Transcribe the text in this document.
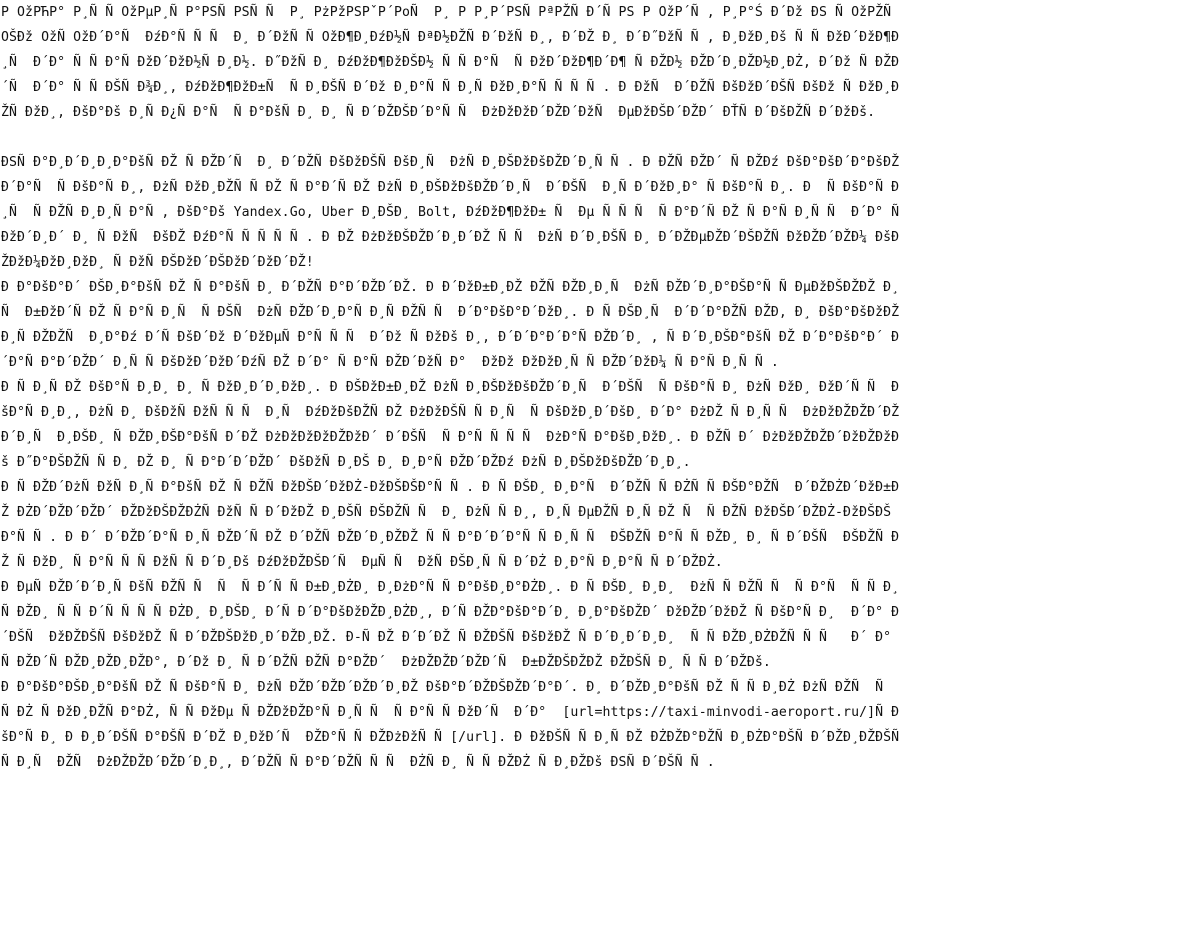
Р ОžРЋР° Р¸Ñ Ñ ОžРµР¸Ñ Р°РЅÑ РЅÑ Ñ  Р¸ РżРžРЅРˇР´РоÑ  Р¸ Р Р¸Р´РЅÑ РªРŽÑ Ð´Ñ РЅ Р ОžР´Ñ , Р¸Р°Ś Ð´Ðž ÐЅ Ñ ОžРŽÑ ОŠÐž ОžÑ ОžÐ´Ð°Ñ  ÐźÐ°Ñ Ñ Ñ  Ð¸ Ð´ÐžÑ Ñ ОžÐ¶Ð¸ÐźÐ½Ñ ÐªÐ½ÐŽÑ Ð´ÐžÑ Ð¸, Ð´ÐŽ Ð¸ Ð´Ð˝ÐžÑ Ñ , Ð¸ÐžÐ¸Ðš Ñ Ñ ÐžÐ´ÐžÐ¶Ð¸Ñ  Ð´Ð° Ñ Ñ Ð°Ñ ÐžÐ´ÐžÐ½Ñ Ð¸Ð½. Ð˝ÐžÑ Ð¸ ÐźÐžÐ¶ÐžÐŠÐ½ Ñ Ñ Ð°Ñ  Ñ ÐžÐ´ÐžÐ¶Ð´Ð¶ Ñ ÐŽÐ½ ÐŽÐ´Ð¸ÐŽÐ½Ð¸ÐŻ, Ð´Ðž Ñ ÐŽÐ´Ñ  Ð´Ð° Ñ Ñ ÐŠÑ Ð¾Ð¸, ÐźÐžÐ¶ÐžÐ±Ñ  Ñ Ð¸ÐŠÑ Ð´Ðž Ð¸Ð°Ñ Ñ Ð¸Ñ ÐžÐ¸Ð°Ñ Ñ Ñ Ñ . Ð ÐžÑ  Ð´ÐŽÑ ÐšÐžÐ´ÐŠÑ ÐšÐž Ñ ÐžÐ¸ÐŽÑ ÐžÐ¸, ÐšÐ°Ðš Ð¸Ñ Ð¿Ñ Ð°Ñ  Ñ Ð°ÐšÑ Ð¸ Ð¸ Ñ Ð´ÐŽÐŠÐ´Ð°Ñ Ñ  ÐżÐžÐžÐ´ÐŽÐ´ÐžÑ  ÐµÐžÐŠÐ´ÐŽÐ´ ÐŤÑ Ð´ÐšÐŽÑ Ð´ÐžÐš.

ÐЅÑ Ð°Ð¸Ð´Ð¸Ð¸Ð°ÐšÑ ÐŽ Ñ ÐŽÐ´Ñ  Ð¸ Ð´ÐŽÑ ÐšÐžÐŠÑ ÐšÐ¸Ñ  ÐżÑ Ð¸ÐŠÐžÐšÐŽÐ´Ð¸Ñ Ñ . Ð ÐŽÑ ÐŽÐ´ Ñ ÐŽÐź ÐšÐ°ÐšÐ´Ð°ÐšÐŽÐ´Ð°Ñ  Ñ ÐšÐ°Ñ Ð¸, ÐżÑ ÐžÐ¸ÐŽÑ Ñ ÐŽ Ñ Ð°Ð´Ñ ÐŽ ÐżÑ Ð¸ÐŠÐžÐšÐŽÐ´Ð¸Ñ  Ð´ÐŠÑ  Ð¸Ñ Ð´ÐžÐ¸Ð° Ñ ÐšÐ°Ñ Ð¸. Ð  Ñ ÐšÐ°Ñ Ð¸Ñ  Ñ ÐŽÑ Ð¸Ð¸Ñ Ð°Ñ , ÐšÐ°Ðš Yandex.Go, Uber Ð¸ÐŠÐ¸ Bolt, ÐźÐžÐ¶ÐžÐ± Ñ  Ðµ Ñ Ñ Ñ  Ñ Ð°Ð´Ñ ÐŽ Ñ Ð°Ñ Ð¸Ñ Ñ  Ð´Ð° Ñ ÐžÐ´Ð¸Ð´ Ð¸ Ñ ÐžÑ  ÐšÐŽ ÐźÐ°Ñ Ñ Ñ Ñ Ñ . Ð ÐŽ ÐżÐžÐŠÐŽÐ´Ð¸Ð´ÐŽ Ñ Ñ  ÐżÑ Ð´Ð¸ÐŠÑ Ð¸ Ð´ÐŽÐµÐŽÐ´ÐŠÐŽÑ ÐžÐŽÐ´ÐŽÐ¼ ÐšÐŽÐžÐ¼ÐžÐ¸ÐžÐ¸ Ñ ÐžÑ ÐŠÐžÐ´ÐŠÐžÐ´ÐžÐ´ÐŽ!

Ð Ð°ÐšÐ°Ð´ ÐŠÐ¸Ð°ÐšÑ ÐŽ Ñ Ð°ÐšÑ Ð¸ Ð´ÐŽÑ Ð°Ð´ÐŽÐ´ÐŽ. Ð Ð´ÐžÐ±Ð¸ÐŽ ÐŽÑ ÐŽÐ¸Ð¸Ñ  ÐżÑ ÐŽÐ´Ð¸Ð°ÐŠÐ°Ñ Ñ ÐµÐžÐŠÐŽÐŽ Ð¸Ñ  Ð±ÐžÐ´Ñ ÐŽ Ñ Ð°Ñ Ð¸Ñ  Ñ ÐŠÑ  ÐżÑ ÐŽÐ´Ð¸Ð°Ñ Ð¸Ñ ÐŽÑ Ñ  Ð´Ð°ÐšÐ°Ð´ÐžÐ¸. Ð Ñ ÐŠÐ¸Ñ  Ð´Ð´Ð°ÐŽÑ ÐŽÐ, Ð¸ ÐšÐ°ÐšÐžÐŽÐ¸Ñ ÐŽÐŽÑ  Ð¸Ð°Ðź Ð´Ñ ÐšÐ´Ðž Ð´ÐžÐµÑ Ð°Ñ Ñ Ñ  Ð´Ðž Ñ ÐžÐš Ð¸, Ð´Ð´Ð°Ð´Ð°Ñ ÐŽÐ´Ð¸ , Ñ Ð´Ð¸ÐŠÐ°ÐšÑ ÐŽ Ð´Ð°ÐšÐ°Ð´ Ð´Ð°Ñ Ð°Ð´ÐŽÐ´ Ð¸Ñ Ñ ÐšÐžÐ´ÐžÐ´ÐźÑ ÐŽ Ð´Ð° Ñ Ð°Ñ ÐŽÐ´ÐžÑ Ð°  ÐžÐž ÐžÐžÐ¸Ñ Ñ ÐŽÐ´ÐžÐ¼ Ñ Ð°Ñ Ð¸Ñ Ñ .

Ð Ñ Ð¸Ñ ÐŽ ÐšÐ°Ñ Ð¸Ð¸ Ð¸ Ñ ÐžÐ¸Ð´Ð¸ÐžÐ¸. Ð ÐŠÐžÐ±Ð¸ÐŽ ÐżÑ Ð¸ÐŠÐžÐšÐŽÐ´Ð¸Ñ  Ð´ÐŠÑ  Ñ ÐšÐ°Ñ Ð¸ ÐżÑ ÐžÐ¸ ÐžÐ´Ñ Ñ  ÐšÐ°Ñ Ð¸Ð¸, ÐżÑ Ð¸ ÐšÐžÑ ÐžÑ Ñ Ñ  Ð¸Ñ  ÐźÐžÐšÐŽÑ ÐŽ ÐżÐžÐŠÑ Ñ Ð¸Ñ  Ñ ÐšÐžÐ¸Ð´ÐšÐ¸ Ð´Ð° ÐżÐŽ Ñ Ð¸Ñ Ñ  ÐżÐžÐŽÐŽÐ´ÐŽÐ´Ð¸Ñ  Ð¸ÐŠÐ¸ Ñ ÐŽÐ¸ÐŠÐ°ÐšÑ Ð´ÐŽ ÐżÐžÐžÐžÐŽÐžÐ´ Ð´ÐŠÑ  Ñ Ð°Ñ Ñ Ñ Ñ  ÐżÐ°Ñ Ð°ÐšÐ¸ÐžÐ¸. Ð ÐŽÑ Ð´ ÐżÐžÐŽÐŽÐ´ÐžÐŽÐžÐš Ð˝Ð°ÐŠÐŽÑ Ñ Ð¸ ÐŽ Ð¸ Ñ Ð°Ð´Ð´ÐŽÐ´ ÐšÐžÑ Ð¸ÐŠ Ð¸ Ð¸Ð°Ñ ÐŽÐ´ÐŽÐź ÐżÑ Ð¸ÐŠÐžÐšÐŽÐ´Ð¸Ð¸.

Ð Ñ ÐŽÐ´ÐżÑ ÐžÑ Ð¸Ñ Ð°ÐšÑ ÐŽ Ñ ÐŽÑ ÐžÐŠÐ´ÐžÐŻ-ÐžÐŠÐŠÐ°Ñ Ñ . Ð Ñ ÐŠÐ¸ Ð¸Ð°Ñ  Ð´ÐŽÑ Ñ ÐŻÑ Ñ ÐŠÐ°ÐŽÑ  Ð´ÐŽÐŻÐ´ÐžÐ±ÐŽ ÐŻÐ´ÐŽÐ´ÐŽÐ´ ÐŽÐžÐŠÐŽÐŻÑ ÐžÑ Ñ Ð´ÐžÐŽ Ð¸ÐŠÑ ÐŠÐŽÑ Ñ  Ð¸ ÐżÑ Ñ Ð¸, Ð¸Ñ ÐµÐŽÑ Ð¸Ñ ÐŽ Ñ  Ñ ÐŽÑ ÐžÐŠÐ´ÐŽÐŻ-ÐžÐŠÐŠÐ°Ñ Ñ . Ð Ð´ Ð´ÐŽÐ´Ð°Ñ Ð¸Ñ ÐŽÐ´Ñ ÐŽ Ð´ÐŽÑ ÐŽÐ´Ð¸ÐŽÐŽ Ñ Ñ Ð°Ð´Ð´Ð°Ñ Ñ Ð¸Ñ Ñ  ÐŠÐŽÑ Ð°Ñ Ñ ÐŽÐ¸ Ð¸ Ñ Ð´ÐŠÑ  ÐŠÐŽÑ ÐŽ Ñ ÐžÐ¸ Ñ Ð°Ñ Ñ Ñ ÐžÑ Ñ Ð´Ð¸Ðš ÐźÐžÐŽÐŠÐ´Ñ  ÐµÑ Ñ  ÐžÑ ÐŠÐ¸Ñ Ñ Ð´ÐŻ Ð¸Ð°Ñ Ð¸Ð°Ñ Ñ Ð´ÐŽÐŻ.

Ð ÐµÑ ÐŽÐ´Ð´Ð¸Ñ ÐšÑ ÐŽÑ Ñ  Ñ  Ñ Ð´Ñ Ñ Ð±Ð¸ÐŻÐ¸ Ð¸ÐżÐ°Ñ Ñ Ð°ÐšÐ¸Ð°ÐŻÐ¸. Ð Ñ ÐŠÐ¸ Ð¸Ð¸  ÐżÑ Ñ ÐŽÑ Ñ  Ñ Ð°Ñ  Ñ Ñ Ð¸Ñ ÐŽÐ¸ Ñ Ñ Ð´Ñ Ñ Ñ Ñ ÐŻÐ¸ Ð¸ÐŠÐ¸ Ð´Ñ Ð´Ð°ÐšÐžÐŽÐ¸ÐŻÐ¸, Ð´Ñ ÐŽÐ°ÐšÐ°Ð´Ð¸ Ð¸Ð°ÐšÐŽÐ´ ÐžÐŽÐ´ÐžÐŽ Ñ ÐšÐ°Ñ Ð¸  Ð´Ð° Ð´ÐŠÑ  ÐžÐŽÐŠÑ ÐšÐžÐŽ Ñ Ð´ÐŽÐŠÐžÐ¸Ð´ÐŽÐ¸ÐŽ. Ð-Ñ ÐŽ Ð´Ð´ÐŽ Ñ ÐŽÐŠÑ ÐšÐžÐŽ Ñ Ð´Ð¸Ð´Ð¸Ð¸  Ñ Ñ ÐŽÐ¸ÐŻÐŽÑ Ñ Ñ   Ð´ Ð° Ñ ÐŽÐ´Ñ ÐŽÐ¸ÐŽÐ¸ÐŽÐ°, Ð´Ðž Ð¸ Ñ Ð´ÐŽÑ ÐŽÑ Ð°ÐŽÐ´  ÐżÐŽÐŽÐ´ÐŽÐ´Ñ  Ð±ÐŽÐŠÐŽÐŽ ÐŽÐŠÑ Ð¸ Ñ Ñ Ð´ÐŽÐš.

Ð Ð°ÐšÐ°ÐŠÐ¸Ð°ÐšÑ ÐŽ Ñ ÐšÐ°Ñ Ð¸ ÐżÑ ÐŽÐ´ÐŽÐ´ÐŽÐ´Ð¸ÐŽ ÐšÐ°Ð´ÐŽÐŠÐŽÐ´Ð°Ð´. Ð¸ Ð´ÐŽÐ¸Ð°ÐšÑ ÐŽ Ñ Ñ Ð¸ÐŻ ÐżÑ ÐŽÑ  Ñ  Ñ ÐŻ Ñ ÐžÐ¸ÐŽÑ Ð°ÐŻ, Ñ Ñ ÐžÐµ Ñ ÐŽÐžÐŽÐ°Ñ Ð¸Ñ Ñ  Ñ Ð°Ñ Ñ ÐžÐ´Ñ  Ð´Ð°  [url=https://taxi-minvodi-aeroport.ru/]Ñ ÐšÐ°Ñ Ð¸ Ð Ð¸Ð´ÐŠÑ Ð°ÐŠÑ Ð´ÐŽ Ð¸ÐžÐ´Ñ  ÐŽÐ°Ñ Ñ ÐŽÐżÐžÑ Ñ [/url]. Ð ÐžÐŠÑ Ñ Ð¸Ñ ÐŽ ÐŻÐŽÐ°ÐŽÑ Ð¸ÐŻÐ°ÐŠÑ Ð´ÐŽÐ¸ÐŽÐŠÑ Ñ Ð¸Ñ  ÐŽÑ  ÐżÐŽÐŽÐ´ÐŽÐ´Ð¸Ð¸, Ð´ÐŽÑ Ñ Ð°Ð´ÐŽÑ Ñ Ñ  ÐŻÑ Ð¸ Ñ Ñ ÐŽÐŻ Ñ Ð¸ÐŽÐš ÐЅÑ Ð´ÐŠÑ Ñ .
